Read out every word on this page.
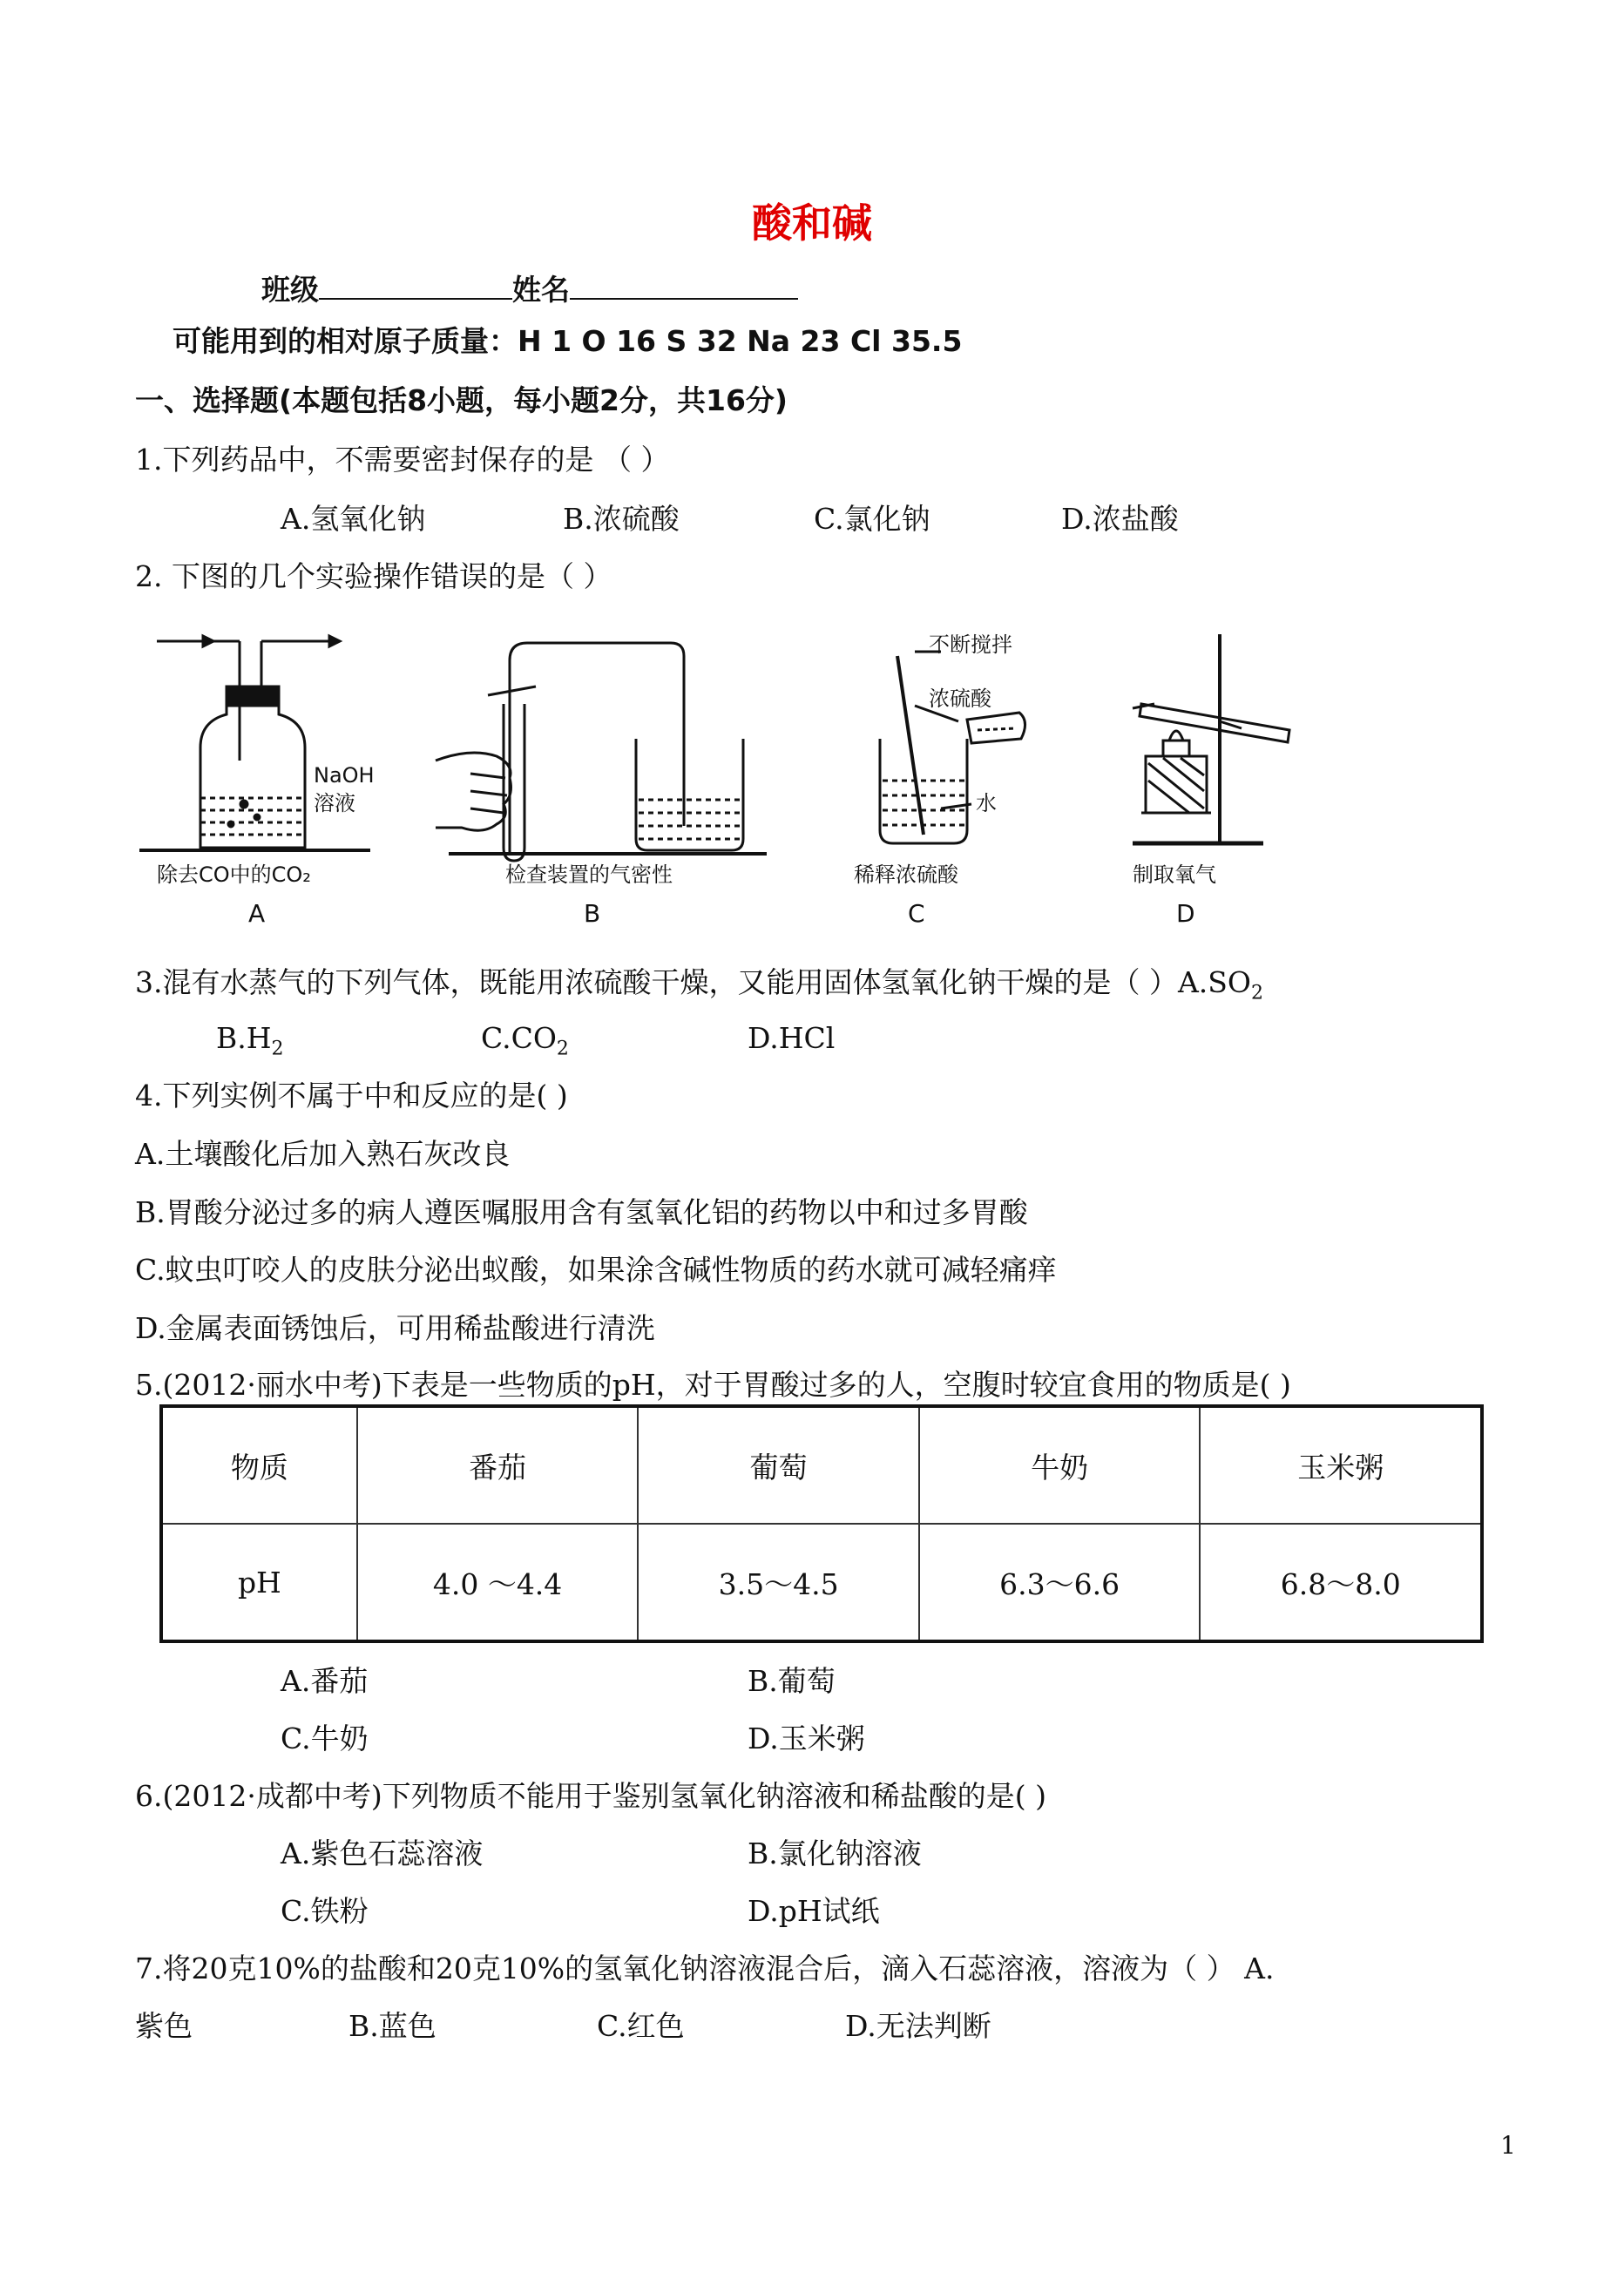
酸和碱
班级	姓名
可能用到的相对原子质量：H 1 O 16 S 32 Na 23 Cl 35.5
一、选择题(本题包括8小题，每小题2分，共16分)
1.下列药品中，不需要密封保存的是 （ ）
A.氢氧化钠	B.浓硫酸	C.氯化钠	D.浓盐酸
2. 下图的几个实验操作错误的是（ ）
NaOH
溶液
除去CO中的CO₂
A
检查装置的气密性
B
不断搅拌
浓硫酸
水
稀释浓硫酸
C
制取氧气
D
3.混有水蒸气的下列气体，既能用浓硫酸干燥，又能用固体氢氧化钠干燥的是（ ）$A.SO_2$
$B.H_2$	$C.CO_2$	D.HCl
4.下列实例不属于中和反应的是( )
A.土壤酸化后加入熟石灰改良
B.胃酸分泌过多的病人遵医嘱服用含有氢氧化铝的药物以中和过多胃酸
C.蚊虫叮咬人的皮肤分泌出蚁酸，如果涂含碱性物质的药水就可减轻痛痒
D.金属表面锈蚀后，可用稀盐酸进行清洗
5.(2012·丽水中考)下表是一些物质的pH，对于胃酸过多的人，空腹时较宜食用的物质是( )
物质	番茄	葡萄	牛奶	玉米粥
pH	4.0 ～4.4	3.5～4.5	6.3～6.6	6.8～8.0
A.番茄	B.葡萄
C.牛奶	D.玉米粥
6.(2012·成都中考)下列物质不能用于鉴别氢氧化钠溶液和稀盐酸的是( )
A.紫色石蕊溶液	B.氯化钠溶液
C.铁粉	D.pH试纸
7.将20克10%的盐酸和20克10%的氢氧化钠溶液混合后，滴入石蕊溶液，溶液为（ ） A.
紫色	B.蓝色	C.红色	D.无法判断
1
